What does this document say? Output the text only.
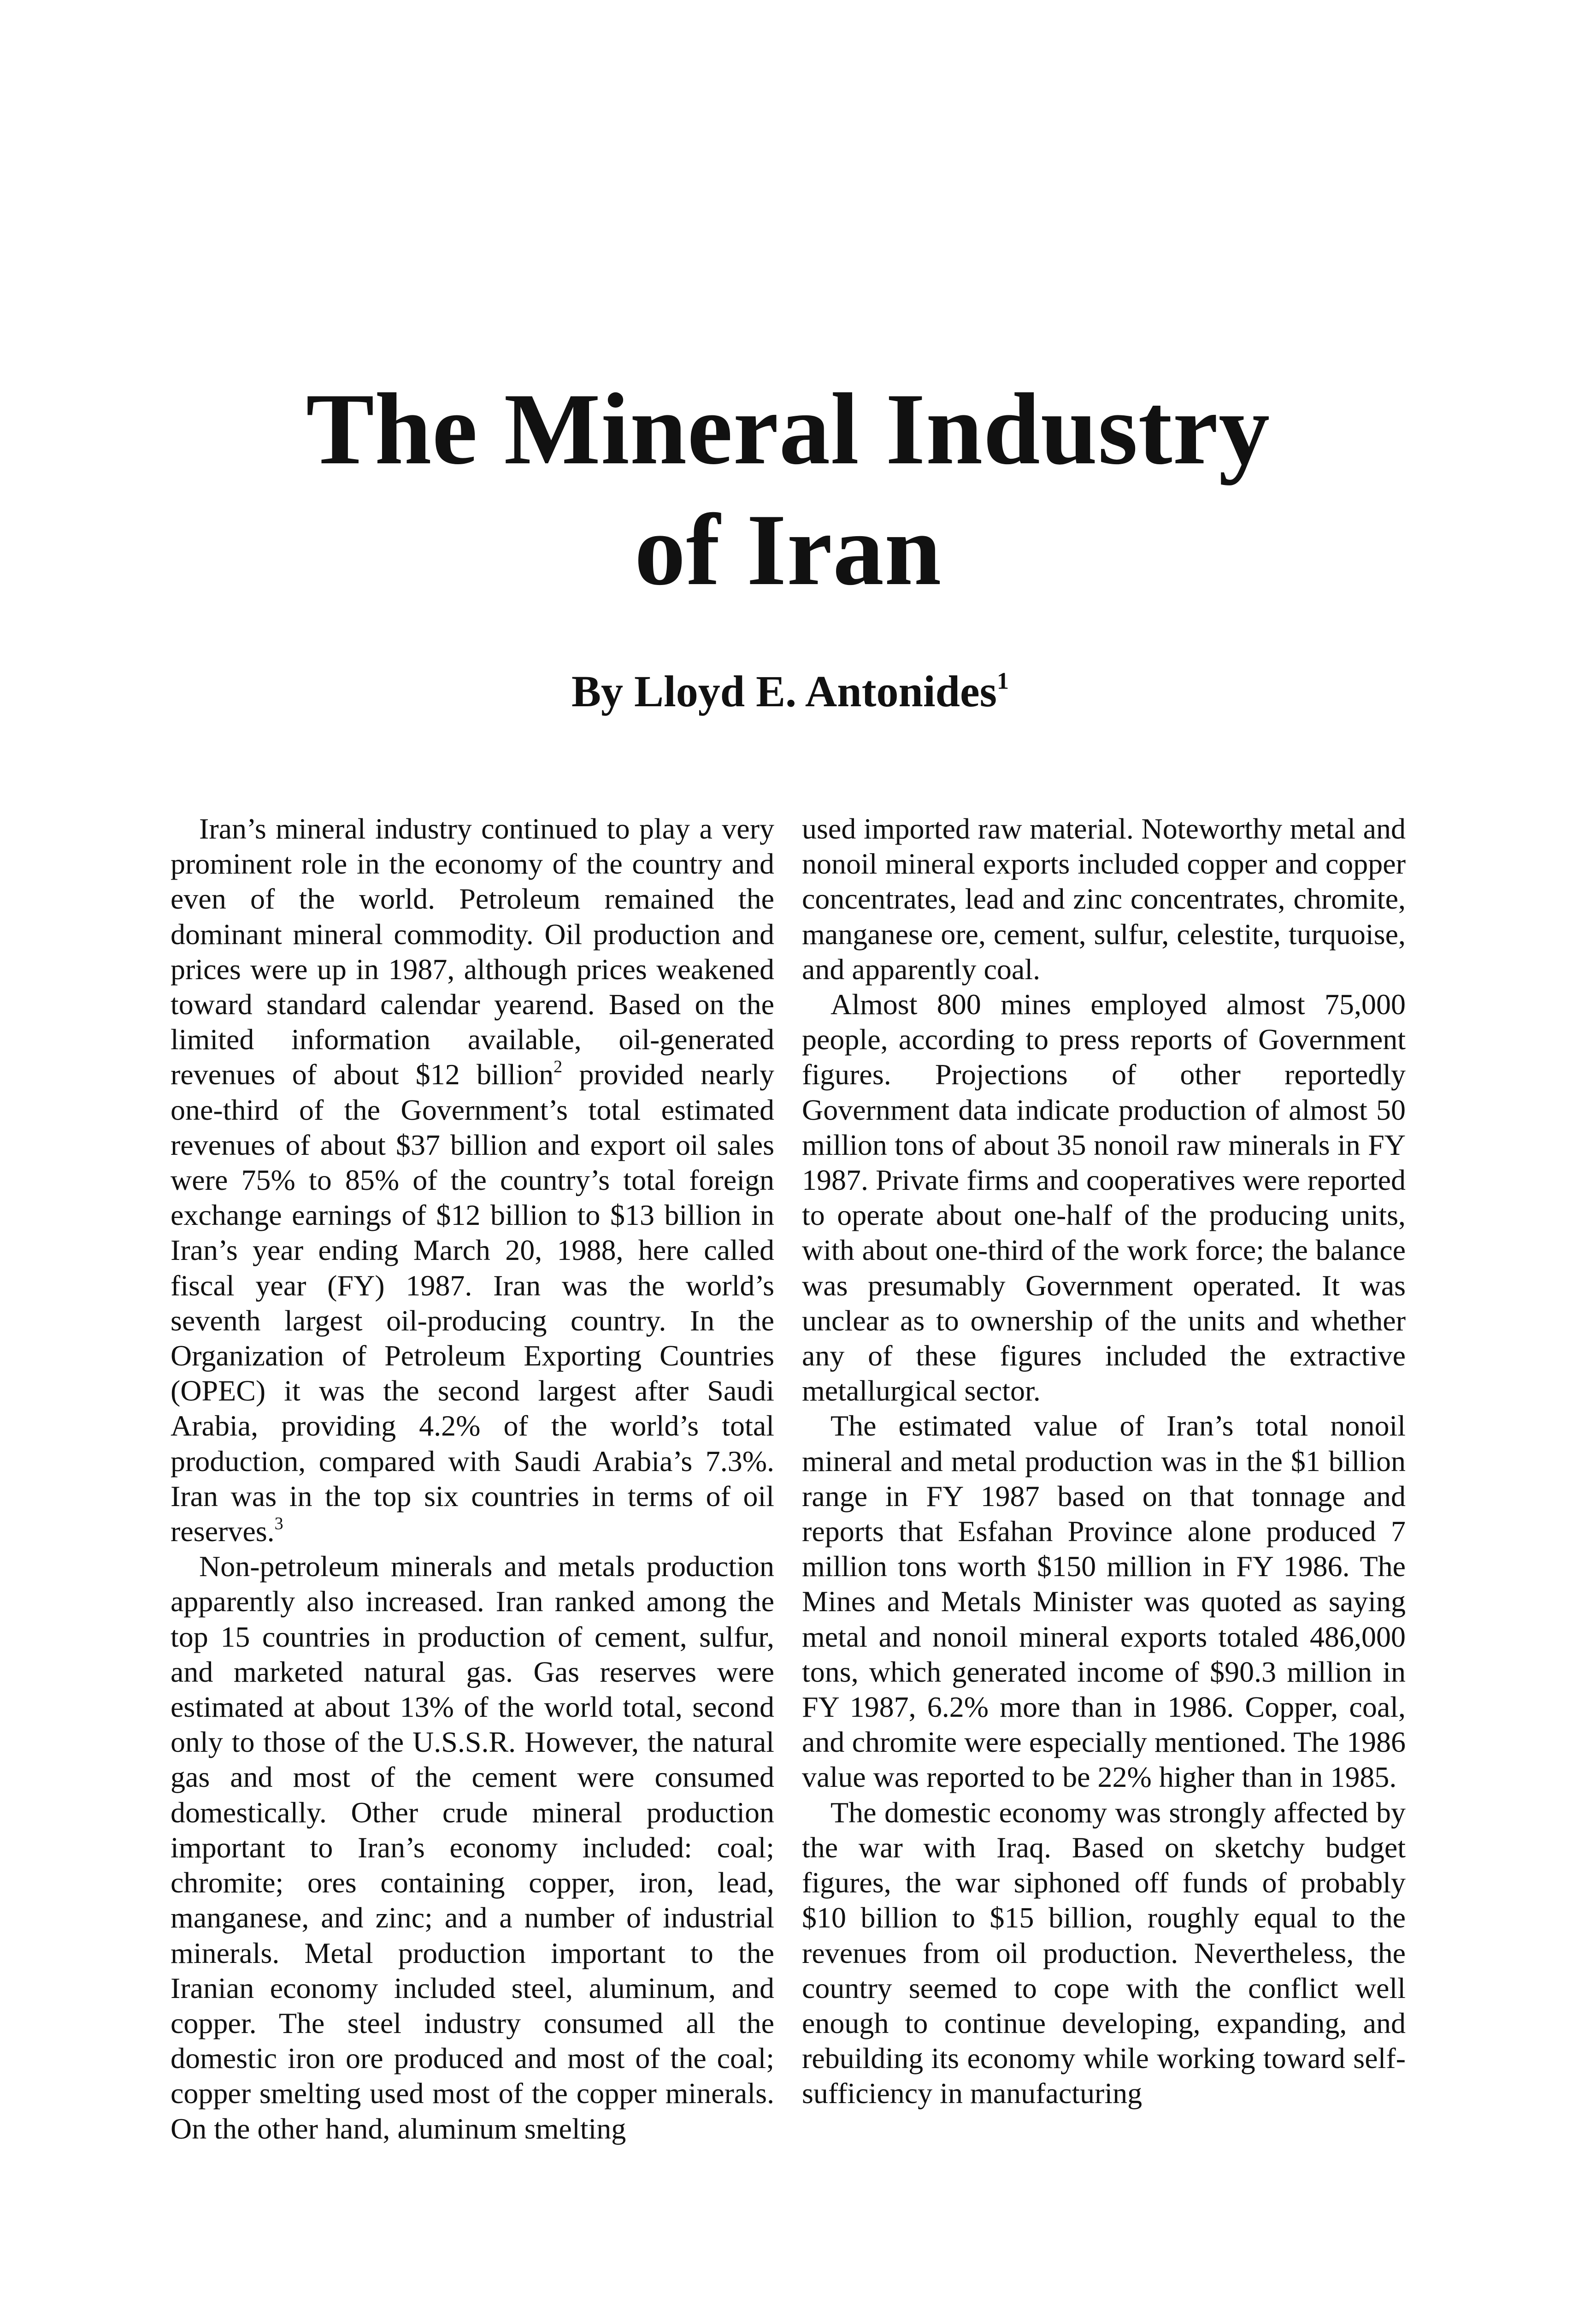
The Mineral Industry of Iran

By Lloyd E. Antonides$^1$

Iran’s mineral industry continued to play a very prominent role in the economy of the country and even of the world. Petroleum remained the dominant mineral commodity. Oil production and prices were up in 1987, although prices weakened toward standard calendar yearend. Based on the limited information available, oil-generated revenues of about $12 billion$^2$ provided nearly one-third of the Government’s total estimated revenues of about $37 billion and export oil sales were 75% to 85% of the country’s total foreign exchange earnings of $12 billion to $13 billion in Iran’s year ending March 20, 1988, here called fiscal year (FY) 1987. Iran was the world’s seventh largest oil-producing country. In the Organization of Petroleum Exporting Countries (OPEC) it was the second largest after Saudi Arabia, providing 4.2% of the world’s total production, compared with Saudi Arabia’s 7.3%. Iran was in the top six countries in terms of oil reserves.$^3$

Non-petroleum minerals and metals production apparently also increased. Iran ranked among the top 15 countries in production of cement, sulfur, and marketed natural gas. Gas reserves were estimated at about 13% of the world total, second only to those of the U.S.S.R. However, the natural gas and most of the cement were consumed domestically. Other crude mineral production important to Iran’s economy included: coal; chromite; ores containing copper, iron, lead, manganese, and zinc; and a number of industrial minerals. Metal production important to the Iranian economy included steel, aluminum, and copper. The steel industry consumed all the domestic iron ore produced and most of the coal; copper smelting used most of the copper minerals. On the other hand, aluminum smelting

used imported raw material. Noteworthy metal and nonoil mineral exports included copper and copper concentrates, lead and zinc concentrates, chromite, manganese ore, cement, sulfur, celestite, turquoise, and apparently coal.

Almost 800 mines employed almost 75,000 people, according to press reports of Government figures. Projections of other reportedly Government data indicate production of almost 50 million tons of about 35 nonoil raw minerals in FY 1987. Private firms and cooperatives were reported to operate about one-half of the producing units, with about one-third of the work force; the balance was presumably Government operated. It was unclear as to ownership of the units and whether any of these figures included the extractive metallurgical sector.

The estimated value of Iran’s total nonoil mineral and metal production was in the $1 billion range in FY 1987 based on that tonnage and reports that Esfahan Province alone produced 7 million tons worth $150 million in FY 1986. The Mines and Metals Minister was quoted as saying metal and nonoil mineral exports totaled 486,000 tons, which generated income of $90.3 million in FY 1987, 6.2% more than in 1986. Copper, coal, and chromite were especially mentioned. The 1986 value was reported to be 22% higher than in 1985.

The domestic economy was strongly affected by the war with Iraq. Based on sketchy budget figures, the war siphoned off funds of probably $10 billion to $15 billion, roughly equal to the revenues from oil production. Nevertheless, the country seemed to cope with the conflict well enough to continue developing, expanding, and rebuilding its economy while working toward self-sufficiency in manufacturing
